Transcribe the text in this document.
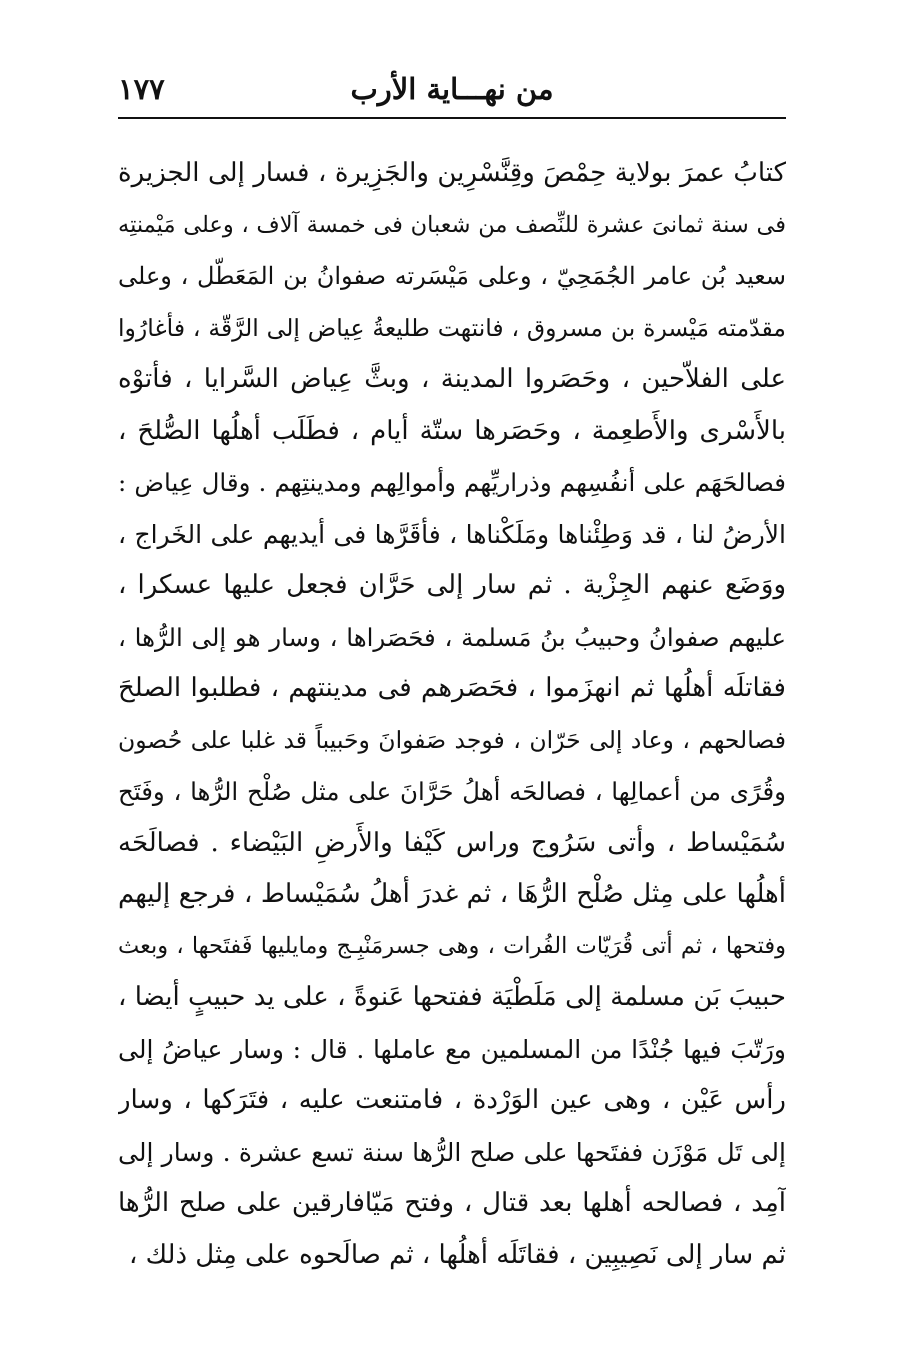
من نهـــاية الأرب
١٧٧
كتابُ عمرَ بولاية حِمْصَ وقِنَّسْرِين والجَزِيرة ، فسار إلى الجزيرة
فى سنة ثمانىَ عشرة للنِّصف من شعبان فى خمسة آلاف ، وعلى مَيْمنتِه
سعيد بُن عامر الجُمَحِيّ ، وعلى مَيْسَرته صفوانُ بن المَعَطّل ، وعلى
مقدّمته مَيْسرة بن مسروق ، فانتهت طليعةُ عِياض إلى الرَّقّة ، فأغارُوا
على الفلاّحين ، وحَصَروا المدينة ، وبثَّ عِياض السَّرايا ، فأتوْه
بالأَسْرى والأَطعِمة ، وحَصَرها ستّة أيام ، فطَلَب أهلُها الصُّلحَ ،
فصالحَهَم على أنفُسِهم وذراريِّهم وأموالِهم ومدينتِهم . وقال عِياض :
الأرضُ لنا ، قد وَطِئْناها ومَلَكْناها ، فأقَرَّها فى أيديهم على الخَراج ،
ووَضَع عنهم الجِزْية . ثم سار إلى حَرَّان فجعل عليها عسكرا ،
عليهم صفوانُ وحبيبُ بنُ مَسلمة ، فحَصَراها ، وسار هو إلى الرُّها ،
فقاتلَه أهلُها ثم انهزَموا ، فحَصَرهم فى مدينتهم ، فطلبوا الصلحَ
فصالحهم ، وعاد إلى حَرّان ، فوجد صَفوانَ وحَبيباً قد غلبا على حُصون
وقُرًى من أعمالِها ، فصالحَه أهلُ حَرَّانَ على مثل صُلْح الرُّها ، وفَتَح
سُمَيْساط ، وأتى سَرُوج وراس كَيْفا والأَرضِ البَيْضاء . فصالَحَه
أهلُها على مِثل صُلْح الرُّهَا ، ثم غدرَ أهلُ سُمَيْساط ، فرجع إليهم
وفتحها ، ثم أتى قُرَيّات الفُرات ، وهى جسرمَنْبِـج ومايليها فَفتَحها ، وبعث
حبيبَ بَن مسلمة إلى مَلَطْيَة ففتحها عَنوةً ، على يد حبيبٍ أيضا ،
ورَتّبَ فيها جُنْدًا من المسلمين مع عاملها . قال : وسار عياضُ إلى
رأس عَيْن ، وهى عين الوَرْدة ، فامتنعت عليه ، فتَرَكها ، وسار
إلى تَل مَوْزَن ففتَحها على صلح الرُّها سنة تسع عشرة . وسار إلى
آمِد ، فصالحه أهلها بعد قتال ، وفتح مَيّافارقين على صلح الرُّها
ثم سار إلى نَصِيبِين ، فقاتَلَه أهلُها ، ثم صالَحوه على مِثل ذلك ،
